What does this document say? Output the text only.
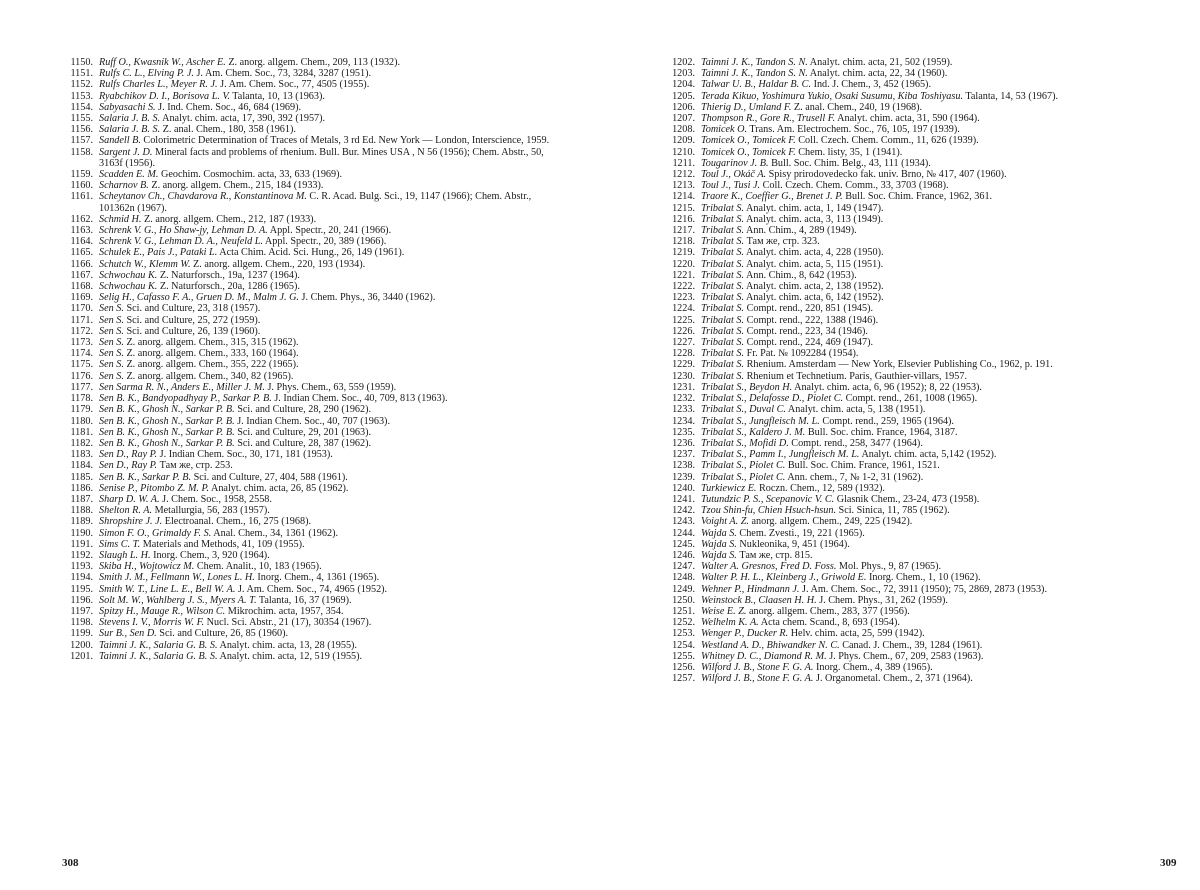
1150. Ruff O., Kwasnik W., Ascher E. Z. anorg. allgem. Chem., 209, 113 (1932).
1151. Rulfs C. L., Elving P. J. J. Am. Chem. Soc., 73, 3284, 3287 (1951).
1152. Rulfs Charles L., Meyer R. J. J. Am. Chem. Soc., 77, 4505 (1955).
1153. Ryabchikov D. I., Borisova L. V. Talanta, 10, 13 (1963).
1154. Sabyasachi S. J. Ind. Chem. Soc., 46, 684 (1969).
1155. Salaria J. B. S. Analyt. chim. acta, 17, 390, 392 (1957).
1156. Salaria J. B. S. Z. anal. Chem., 180, 358 (1961).
1157. Sandell B. Colorimetric Determination of Traces of Metals, 3 rd Ed. New York — London, Interscience, 1959.
1158. Sargent J. D. Mineral facts and problems of rhenium. Bull. Bur. Mines USA , N 56 (1956); Chem. Abstr., 50, 3163f (1956).
1159. Scadden E. M. Geochim. Cosmochim. acta, 33, 633 (1969).
1160. Scharnov B. Z. anorg. allgem. Chem., 215, 184 (1933).
1161. Scheytanov Ch., Chavdarova R., Konstantinova M. C. R. Acad. Bulg. Sci., 19, 1147 (1966); Chem. Abstr., 101362n (1967).
1162. Schmid H. Z. anorg. allgem. Chem., 212, 187 (1933).
1163. Schrenk V. G., Ho Shaw-jy, Lehman D. A. Appl. Spectr., 20, 241 (1966).
1164. Schrenk V. G., Lehman D. A., Neufeld L. Appl. Spectr., 20, 389 (1966).
1165. Schulek E., Pais J., Pataki L. Acta Chim. Acid. Sci. Hung., 26, 149 (1961).
1166. Schutch W., Klemm W. Z. anorg. allgem. Chem., 220, 193 (1934).
1167. Schwochau K. Z. Naturforsch., 19a, 1237 (1964).
1168. Schwochau K. Z. Naturforsch., 20a, 1286 (1965).
1169. Selig H., Cafasso F. A., Gruen D. M., Malm J. G. J. Chem. Phys., 36, 3440 (1962).
1170. Sen S. Sci. and Culture, 23, 318 (1957).
1171. Sen S. Sci. and Culture, 25, 272 (1959).
1172. Sen S. Sci. and Culture, 26, 139 (1960).
1173. Sen S. Z. anorg. allgem. Chem., 315, 315 (1962).
1174. Sen S. Z. anorg. allgem. Chem., 333, 160 (1964).
1175. Sen S. Z. anorg. allgem. Chem., 355, 222 (1965).
1176. Sen S. Z. anorg. allgem. Chem., 340, 82 (1965).
1177. Sen Sarma R. N., Anders E., Miller J. M. J. Phys. Chem., 63, 559 (1959).
1178. Sen B. K., Bandyopadhyay P., Sarkar P. B. J. Indian Chem. Soc., 40, 709, 813 (1963).
1179. Sen B. K., Ghosh N., Sarkar P. B. Sci. and Culture, 28, 290 (1962).
1180. Sen B. K., Ghosh N., Sarkar P. B. J. Indian Chem. Soc., 40, 707 (1963).
1181. Sen B. K., Ghosh N., Sarkar P. B. Sci. and Culture, 29, 201 (1963).
1182. Sen B. K., Ghosh N., Sarkar P. B. Sci. and Culture, 28, 387 (1962).
1183. Sen D., Ray P. J. Indian Chem. Soc., 30, 171, 181 (1953).
1184. Sen D., Ray P. Там же, стр. 253.
1185. Sen B. K., Sarkar P. B. Sci. and Culture, 27, 404, 588 (1961).
1186. Senise P., Pitombo Z. M. P. Analyt. chim. acta, 26, 85 (1962).
1187. Sharp D. W. A. J. Chem. Soc., 1958, 2558.
1188. Shelton R. A. Metallurgia, 56, 283 (1957).
1189. Shropshire J. J. Electroanal. Chem., 16, 275 (1968).
1190. Simon F. O., Grimaldy F. S. Anal. Chem., 34, 1361 (1962).
1191. Sims C. T. Materials and Methods, 41, 109 (1955).
1192. Slaugh L. H. Inorg. Chem., 3, 920 (1964).
1193. Skiba H., Wojtowicz M. Chem. Analit., 10, 183 (1965).
1194. Smith J. M., Fellmann W., Lones L. H. Inorg. Chem., 4, 1361 (1965).
1195. Smith W. T., Line L. E., Bell W. A. J. Am. Chem. Soc., 74, 4965 (1952).
1196. Solt M. W., Wahlberg J. S., Myers A. T. Talanta, 16, 37 (1969).
1197. Spitzy H., Mauge R., Wilson C. Mikrochim. acta, 1957, 354.
1198. Stevens I. V., Morris W. F. Nucl. Sci. Abstr., 21 (17), 30354 (1967).
1199. Sur B., Sen D. Sci. and Culture, 26, 85 (1960).
1200. Taimni J. K., Salaria G. B. S. Analyt. chim. acta, 13, 28 (1955).
1201. Taimni J. K., Salaria G. B. S. Analyt. chim. acta, 12, 519 (1955).
308
1202. Taimni J. K., Tandon S. N. Analyt. chim. acta, 21, 502 (1959).
1203. Taimni J. K., Tandon S. N. Analyt. chim. acta, 22, 34 (1960).
1204. Talwar U. B., Haldar B. C. Ind. J. Chem., 3, 452 (1965).
1205. Terada Kikuo, Yoshimura Yukio, Osaki Susumu, Kiba Toshiyasu. Talanta, 14, 53 (1967).
1206. Thierig D., Umland F. Z. anal. Chem., 240, 19 (1968).
1207. Thompson R., Gore R., Trusell F. Analyt. chim. acta, 31, 590 (1964).
1208. Tomicek O. Trans. Am. Electrochem. Soc., 76, 105, 197 (1939).
1209. Tomicek O., Tomicek F. Coll. Czech. Chem. Comm., 11, 626 (1939).
1210. Tomicek O., Tomicek F. Chem. listy, 35, 1 (1941).
1211. Tougarinov J. B. Bull. Soc. Chim. Belg., 43, 111 (1934).
1212. Toul J., Okáč A. Spisy prirodovedecko fak. univ. Brno, № 417, 407 (1960).
1213. Toul J., Tusi J. Coll. Czech. Chem. Comm., 33, 3703 (1968).
1214. Traore K., Coeffier G., Brenet J. P. Bull. Soc. Chim. France, 1962, 361.
1215. Tribalat S. Analyt. chim. acta, 1, 149 (1947).
1216. Tribalat S. Analyt. chim. acta, 3, 113 (1949).
1217. Tribalat S. Ann. Chim., 4, 289 (1949).
1218. Tribalat S. Там же, стр. 323.
1219. Tribalat S. Analyt. chim. acta, 4, 228 (1950).
1220. Tribalat S. Analyt. chim. acta, 5, 115 (1951).
1221. Tribalat S. Ann. Chim., 8, 642 (1953).
1222. Tribalat S. Analyt. chim. acta, 2, 138 (1952).
1223. Tribalat S. Analyt. chim. acta, 6, 142 (1952).
1224. Tribalat S. Compt. rend., 220, 851 (1945).
1225. Tribalat S. Compt. rend., 222, 1388 (1946).
1226. Tribalat S. Compt. rend., 223, 34 (1946).
1227. Tribalat S. Compt. rend., 224, 469 (1947).
1228. Tribalat S. Fr. Pat. № 1092284 (1954).
1229. Tribalat S. Rhenium. Amsterdam — New York, Elsevier Publishing Co., 1962, p. 191.
1230. Tribalat S. Rhenium et Technetium. Paris, Gauthier-villars, 1957.
1231. Tribalat S., Beydon H. Analyt. chim. acta, 6, 96 (1952); 8, 22 (1953).
1232. Tribalat S., Delafosse D., Piolet C. Compt. rend., 261, 1008 (1965).
1233. Tribalat S., Duval C. Analyt. chim. acta, 5, 138 (1951).
1234. Tribalat S., Jungfleisch M. L. Compt. rend., 259, 1965 (1964).
1235. Tribalat S., Kaldero J. M. Bull. Soc. chim. France, 1964, 3187.
1236. Tribalat S., Mofidi D. Compt. rend., 258, 3477 (1964).
1237. Tribalat S., Pamm I., Jungfleisch M. L. Analyt. chim. acta, 5,142 (1952).
1238. Tribalat S., Piolet C. Bull. Soc. Chim. France, 1961, 1521.
1239. Tribalat S., Piolet C. Ann. chem., 7, № 1-2, 31 (1962).
1240. Turkiewicz E. Roczn. Chem., 12, 589 (1932).
1241. Tutundzic P. S., Scepanovic V. C. Glasnik Chem., 23-24, 473 (1958).
1242. Tzou Shin-fu, Chien Hsuch-hsun. Sci. Sinica, 11, 785 (1962).
1243. Voight A. Z. anorg. allgem. Chem., 249, 225 (1942).
1244. Wajda S. Chem. Zvesti., 19, 221 (1965).
1245. Wajda S. Nukleonika, 9, 451 (1964).
1246. Wajda S. Там же, стр. 815.
1247. Walter A. Gresnos, Fred D. Foss. Mol. Phys., 9, 87 (1965).
1248. Walter P. H. L., Kleinberg J., Griwold E. Inorg. Chem., 1, 10 (1962).
1249. Wehner P., Hindmann J. J. Am. Chem. Soc., 72, 3911 (1950); 75, 2869, 2873 (1953).
1250. Weinstock B., Claasen H. H. J. Chem. Phys., 31, 262 (1959).
1251. Weise E. Z. anorg. allgem. Chem., 283, 377 (1956).
1252. Welhelm K. A. Acta chem. Scand., 8, 693 (1954).
1253. Wenger P., Ducker R. Helv. chim. acta, 25, 599 (1942).
1254. Westland A. D., Bhiwandker N. C. Canad. J. Chem., 39, 1284 (1961).
1255. Whitney D. C., Diamond R. M. J. Phys. Chem., 67, 209, 2583 (1963).
1256. Wilford J. B., Stone F. G. A. Inorg. Chem., 4, 389 (1965).
1257. Wilford J. B., Stone F. G. A. J. Organometal. Chem., 2, 371 (1964).
309
